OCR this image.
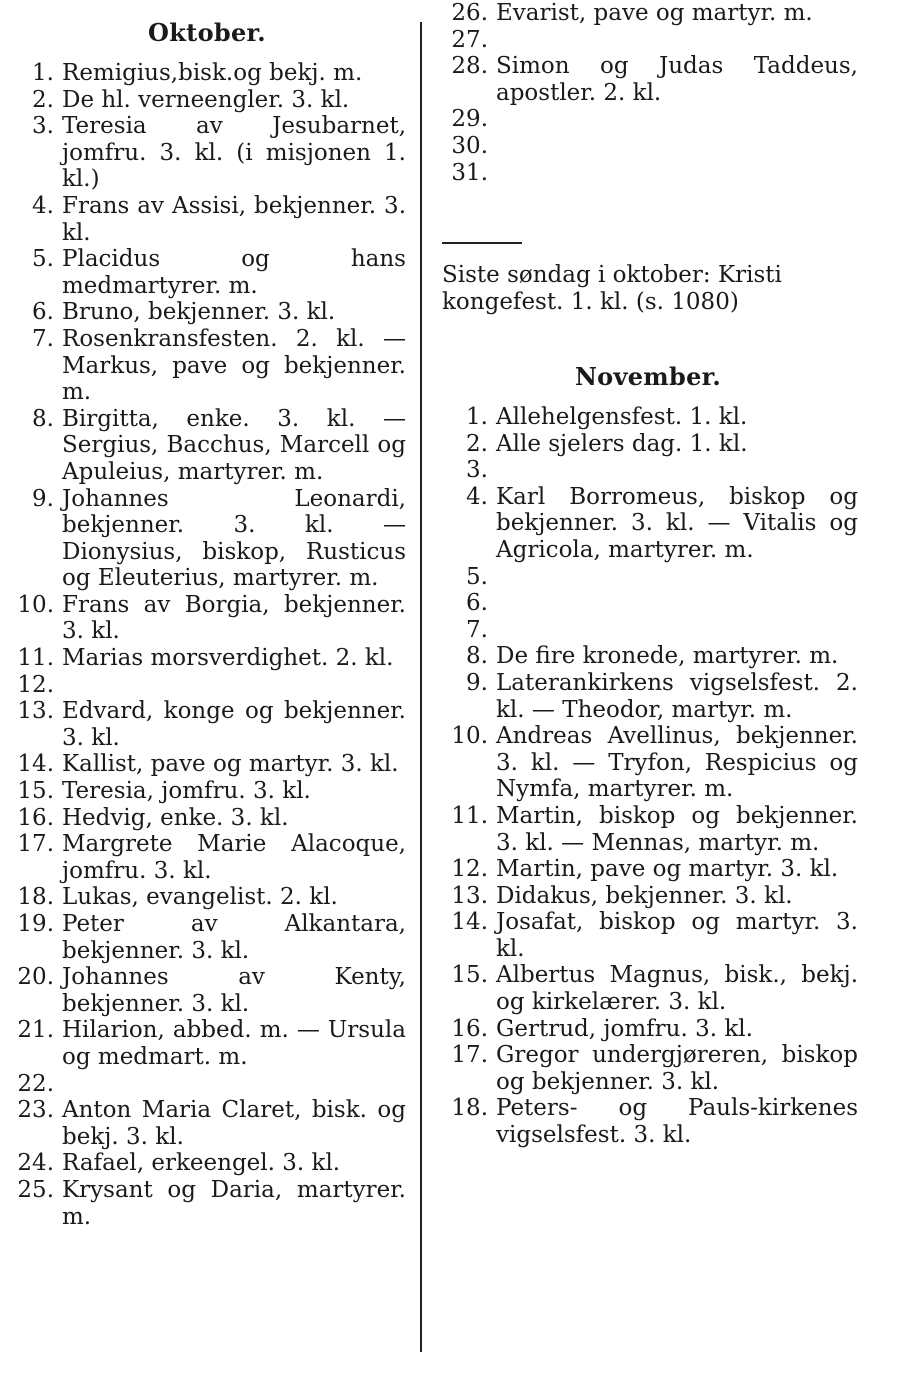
Oktober.
1. Remigius,bisk.og bekj. m.
2. De hl. verneengler. 3. kl.
3. Teresia av Jesubarnet, jomfru. 3. kl. (i misjonen 1. kl.)
4. Frans av Assisi, bekjenner. 3. kl.
5. Placidus og hans medmartyrer. m.
6. Bruno, bekjenner. 3. kl.
7. Rosenkransfesten. 2. kl. — Markus, pave og bekjenner. m.
8. Birgitta, enke. 3. kl. — Sergius, Bacchus, Marcell og Apuleius, martyrer. m.
9. Johannes Leonardi, bekjenner. 3. kl. — Dionysius, biskop, Rusticus og Eleuterius, martyrer. m.
10. Frans av Borgia, bekjenner. 3. kl.
11. Marias morsverdighet. 2. kl.
12.
13. Edvard, konge og bekjenner. 3. kl.
14. Kallist, pave og martyr. 3. kl.
15. Teresia, jomfru. 3. kl.
16. Hedvig, enke. 3. kl.
17. Margrete Marie Alacoque, jomfru. 3. kl.
18. Lukas, evangelist. 2. kl.
19. Peter av Alkantara, bekjenner. 3. kl.
20. Johannes av Kenty, bekjenner. 3. kl.
21. Hilarion, abbed. m. — Ursula og medmart. m.
22.
23. Anton Maria Claret, bisk. og bekj. 3. kl.
24. Rafael, erkeengel. 3. kl.
25. Krysant og Daria, martyrer. m.
26. Evarist, pave og martyr. m.
27.
28. Simon og Judas Taddeus, apostler. 2. kl.
29.
30.
31.
Siste søndag i oktober: Kristi kongefest. 1. kl. (s. 1080)
November.
1. Allehelgensfest. 1. kl.
2. Alle sjelers dag. 1. kl.
3.
4. Karl Borromeus, biskop og bekjenner. 3. kl. — Vitalis og Agricola, martyrer. m.
5.
6.
7.
8. De fire kronede, martyrer. m.
9. Laterankirkens vigselsfest. 2. kl. — Theodor, martyr. m.
10. Andreas Avellinus, bekjenner. 3. kl. — Tryfon, Respicius og Nymfa, martyrer. m.
11. Martin, biskop og bekjenner. 3. kl. — Mennas, martyr. m.
12. Martin, pave og martyr. 3. kl.
13. Didakus, bekjenner. 3. kl.
14. Josafat, biskop og martyr. 3. kl.
15. Albertus Magnus, bisk., bekj. og kirkelærer. 3. kl.
16. Gertrud, jomfru. 3. kl.
17. Gregor undergjøreren, biskop og bekjenner. 3. kl.
18. Peters- og Pauls-kirkenes vigselsfest. 3. kl.
